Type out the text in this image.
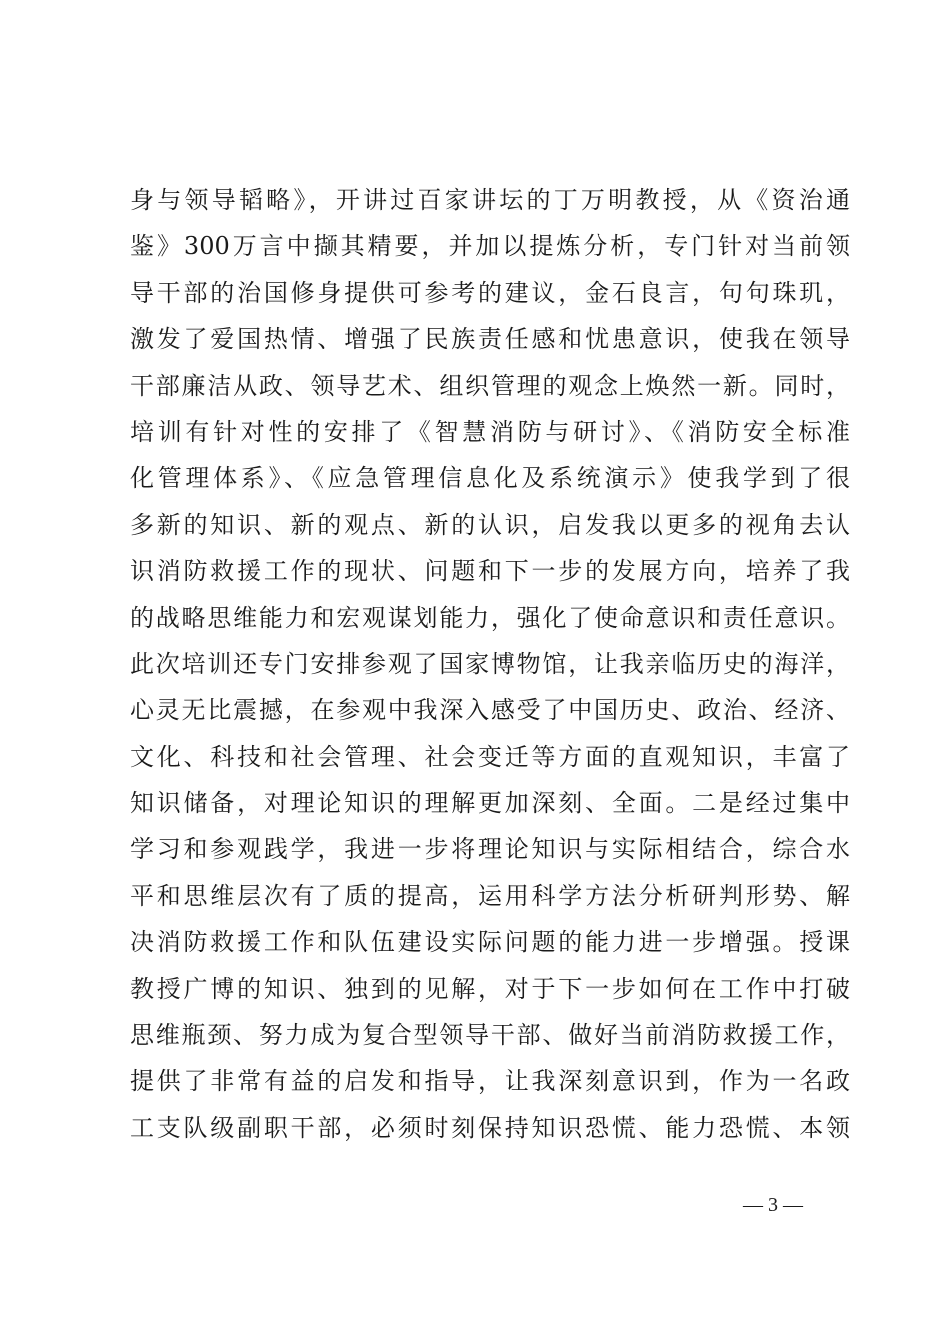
身与领导韬略》，开讲过百家讲坛的丁万明教授，从《资治通
鉴》300万言中撷其精要，并加以提炼分析，专门针对当前领
导干部的治国修身提供可参考的建议，金石良言，句句珠玑，
激发了爱国热情、增强了民族责任感和忧患意识，使我在领导
干部廉洁从政、领导艺术、组织管理的观念上焕然一新。同时，
培训有针对性的安排了《智慧消防与研讨》、《消防安全标准
化管理体系》、《应急管理信息化及系统演示》使我学到了很
多新的知识、新的观点、新的认识，启发我以更多的视角去认
识消防救援工作的现状、问题和下一步的发展方向，培养了我
的战略思维能力和宏观谋划能力，强化了使命意识和责任意识。
此次培训还专门安排参观了国家博物馆，让我亲临历史的海洋，
心灵无比震撼，在参观中我深入感受了中国历史、政治、经济、
文化、科技和社会管理、社会变迁等方面的直观知识，丰富了
知识储备，对理论知识的理解更加深刻、全面。二是经过集中
学习和参观践学，我进一步将理论知识与实际相结合，综合水
平和思维层次有了质的提高，运用科学方法分析研判形势、解
决消防救援工作和队伍建设实际问题的能力进一步增强。授课
教授广博的知识、独到的见解，对于下一步如何在工作中打破
思维瓶颈、努力成为复合型领导干部、做好当前消防救援工作，
提供了非常有益的启发和指导，让我深刻意识到，作为一名政
工支队级副职干部，必须时刻保持知识恐慌、能力恐慌、本领
— 3 —
